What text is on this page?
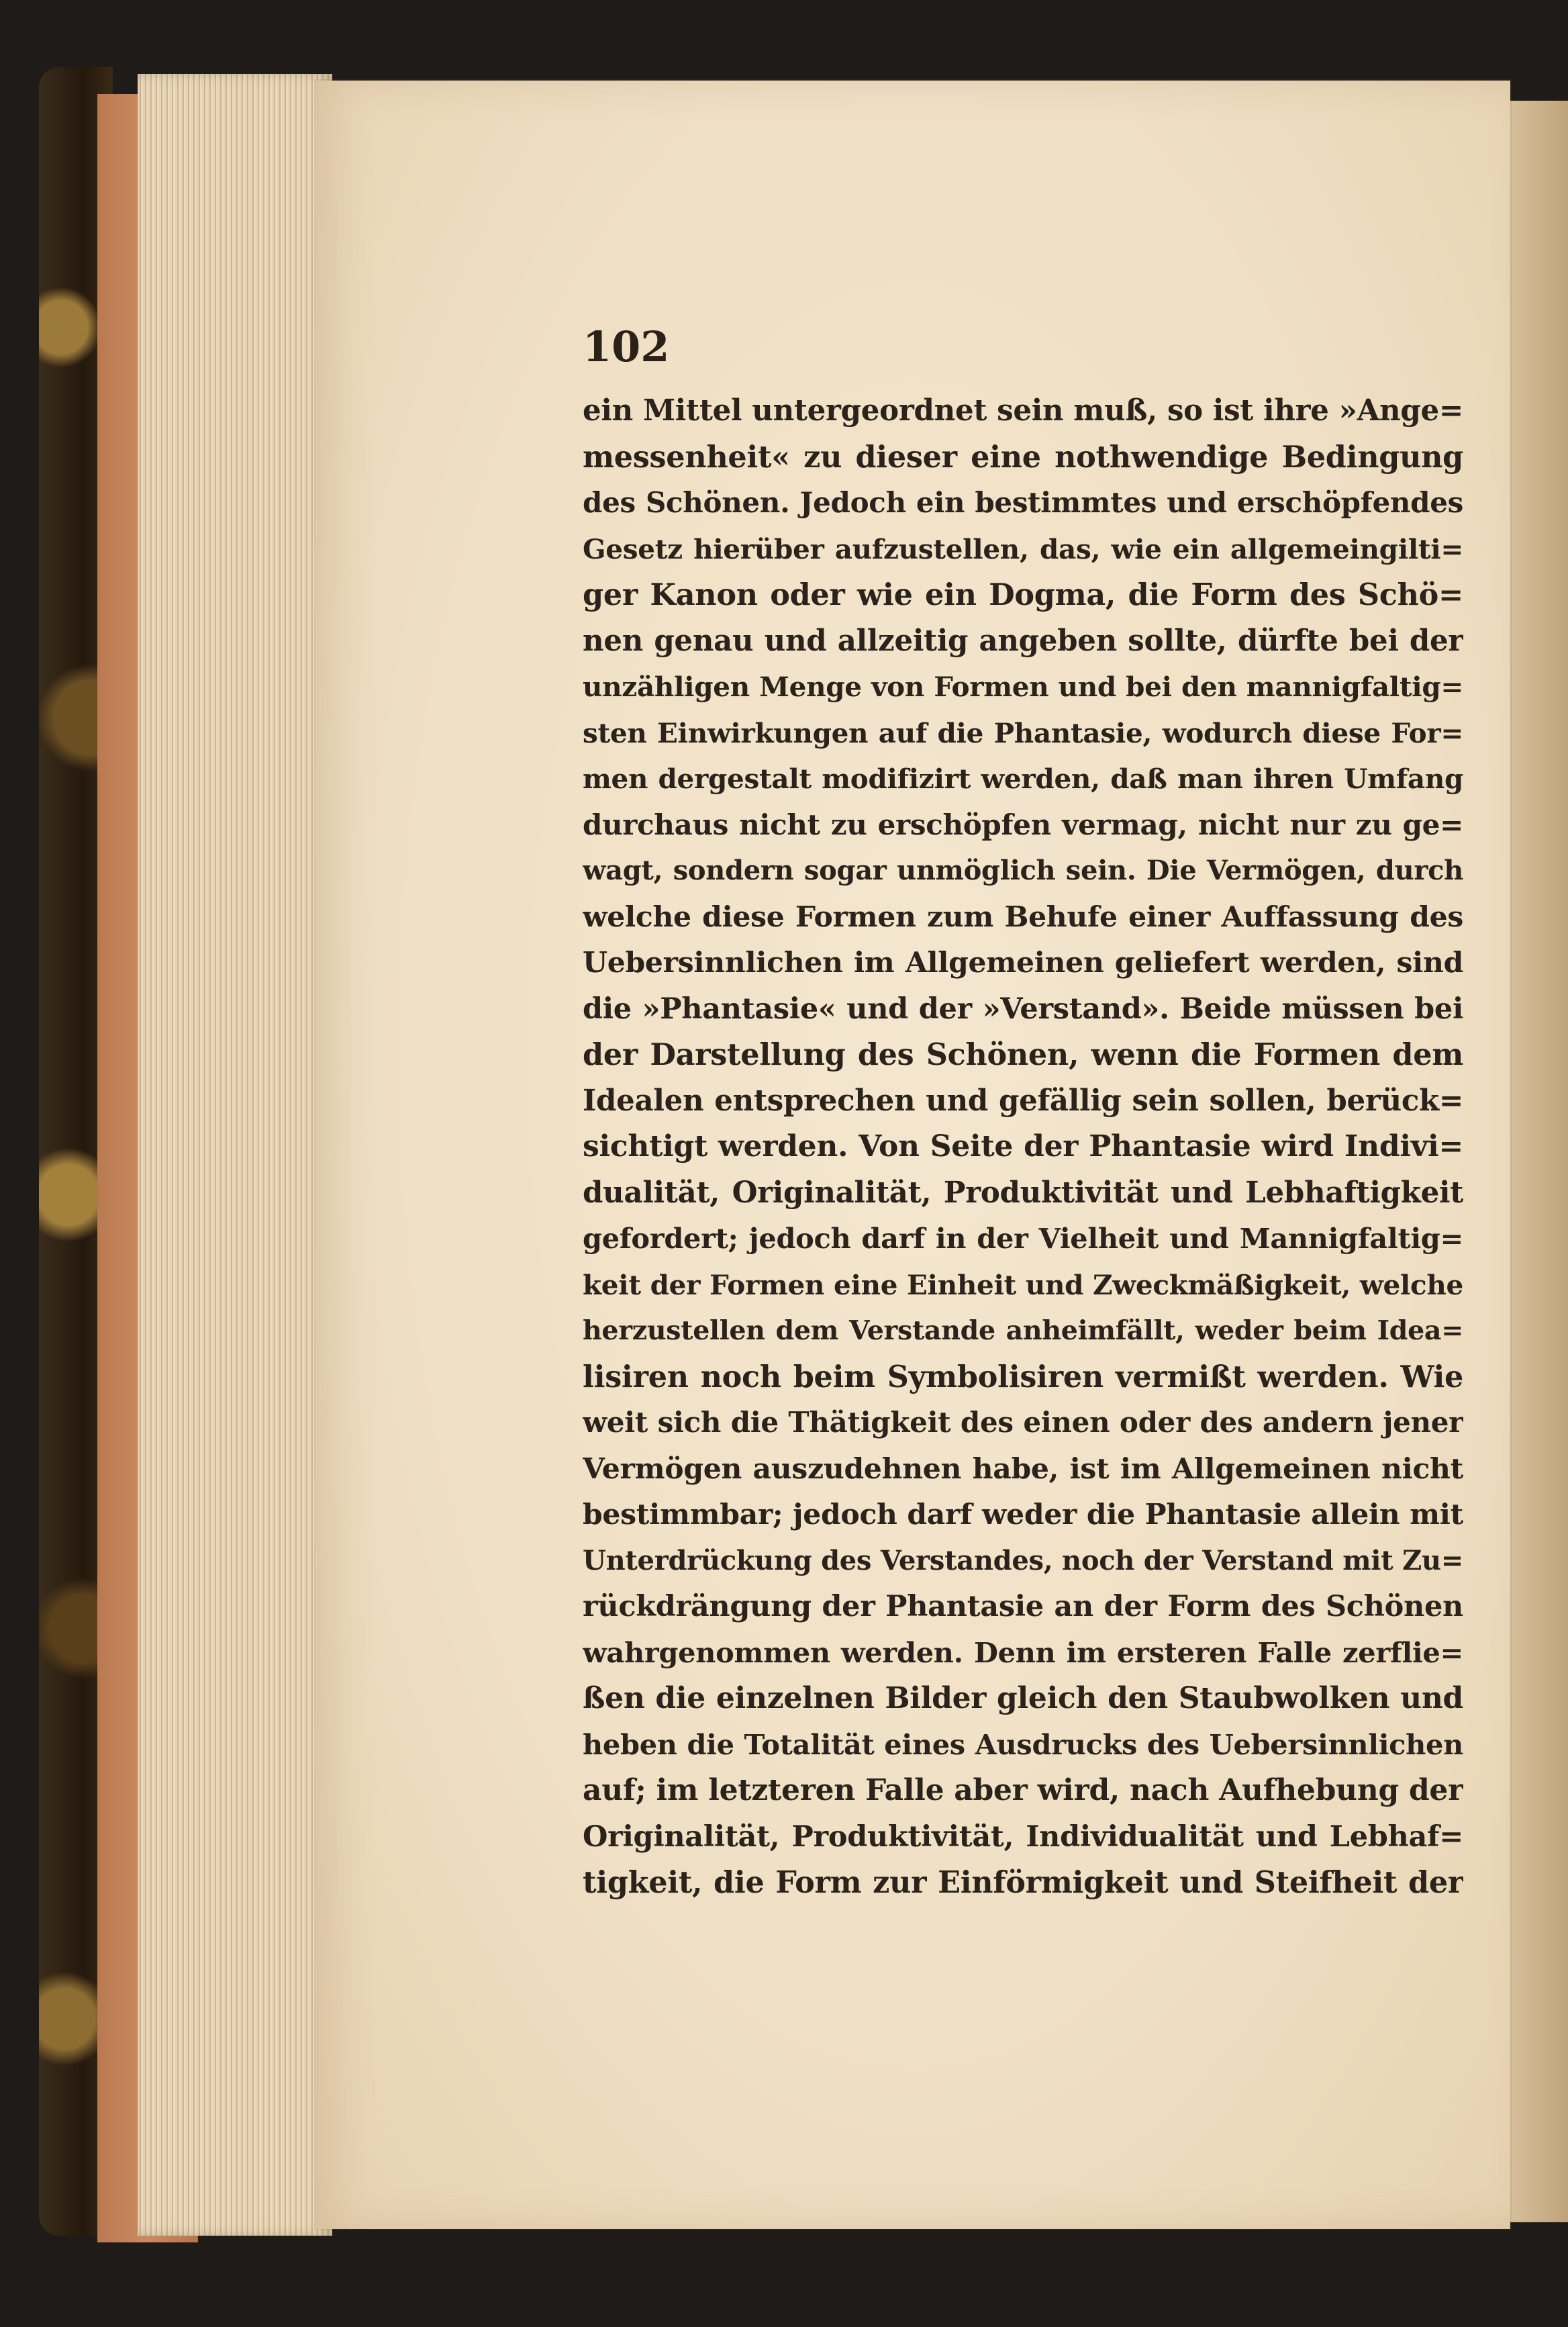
102

ein Mittel untergeordnet sein muß, so ist ihre »Ange=
messenheit« zu dieser eine nothwendige Bedingung
des Schönen. Jedoch ein bestimmtes und erschöpfendes
Gesetz hierüber aufzustellen, das, wie ein allgemeingilti=
ger Kanon oder wie ein Dogma, die Form des Schö=
nen genau und allzeitig angeben sollte, dürfte bei der
unzähligen Menge von Formen und bei den mannigfaltig=
sten Einwirkungen auf die Phantasie, wodurch diese For=
men dergestalt modifizirt werden, daß man ihren Umfang
durchaus nicht zu erschöpfen vermag, nicht nur zu ge=
wagt, sondern sogar unmöglich sein. Die Vermögen, durch
welche diese Formen zum Behufe einer Auffassung des
Uebersinnlichen im Allgemeinen geliefert werden, sind
die »Phantasie« und der »Verstand». Beide müssen bei
der Darstellung des Schönen, wenn die Formen dem
Idealen entsprechen und gefällig sein sollen, berück=
sichtigt werden. Von Seite der Phantasie wird Indivi=
dualität, Originalität, Produktivität und Lebhaftigkeit
gefordert; jedoch darf in der Vielheit und Mannigfaltig=
keit der Formen eine Einheit und Zweckmäßigkeit, welche
herzustellen dem Verstande anheimfällt, weder beim Idea=
lisiren noch beim Symbolisiren vermißt werden. Wie
weit sich die Thätigkeit des einen oder des andern jener
Vermögen auszudehnen habe, ist im Allgemeinen nicht
bestimmbar; jedoch darf weder die Phantasie allein mit
Unterdrückung des Verstandes, noch der Verstand mit Zu=
rückdrängung der Phantasie an der Form des Schönen
wahrgenommen werden. Denn im ersteren Falle zerflie=
ßen die einzelnen Bilder gleich den Staubwolken und
heben die Totalität eines Ausdrucks des Uebersinnlichen
auf; im letzteren Falle aber wird, nach Aufhebung der
Originalität, Produktivität, Individualität und Lebhaf=
tigkeit, die Form zur Einförmigkeit und Steifheit der
